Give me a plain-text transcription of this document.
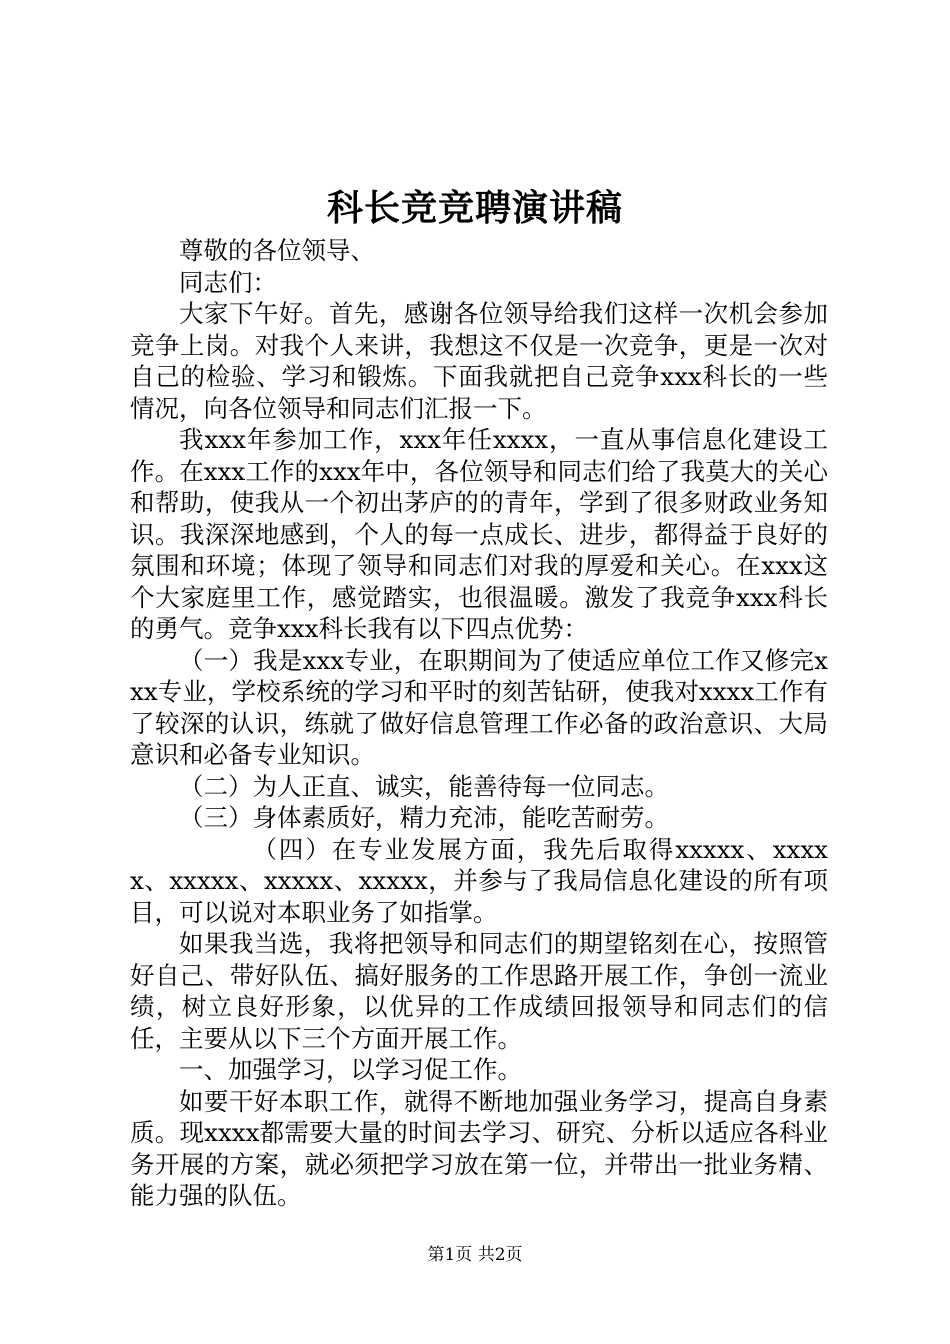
科长竞竞聘演讲稿

尊敬的各位领导、

同志们：

大家下午好。首先，感谢各位领导给我们这样一次机会参加竞争上岗。对我个人来讲，我想这不仅是一次竞争，更是一次对自己的检验、学习和锻炼。下面我就把自己竞争xxx科长的一些情况，向各位领导和同志们汇报一下。

我xxx年参加工作，xxx年任xxxx，一直从事信息化建设工作。在xxx工作的xxx年中，各位领导和同志们给了我莫大的关心和帮助，使我从一个初出茅庐的的青年，学到了很多财政业务知识。我深深地感到，个人的每一点成长、进步，都得益于良好的氛围和环境；体现了领导和同志们对我的厚爱和关心。在xxx这个大家庭里工作，感觉踏实，也很温暖。激发了我竞争xxx科长的勇气。竞争xxx科长我有以下四点优势：

（一）我是xxx专业，在职期间为了使适应单位工作又修完xxx专业，学校系统的学习和平时的刻苦钻研，使我对xxxx工作有了较深的认识，练就了做好信息管理工作必备的政治意识、大局意识和必备专业知识。

（二）为人正直、诚实，能善待每一位同志。

（三）身体素质好，精力充沛，能吃苦耐劳。

（四）在专业发展方面，我先后取得xxxxx、xxxxx、xxxxx、xxxxx、xxxxx，并参与了我局信息化建设的所有项目，可以说对本职业务了如指掌。

如果我当选，我将把领导和同志们的期望铭刻在心，按照管好自己、带好队伍、搞好服务的工作思路开展工作，争创一流业绩，树立良好形象，以优异的工作成绩回报领导和同志们的信任，主要从以下三个方面开展工作。

一、加强学习，以学习促工作。

如要干好本职工作，就得不断地加强业务学习，提高自身素质。现xxxx都需要大量的时间去学习、研究、分析以适应各科业务开展的方案，就必须把学习放在第一位，并带出一批业务精、能力强的队伍。

第1页 共2页
